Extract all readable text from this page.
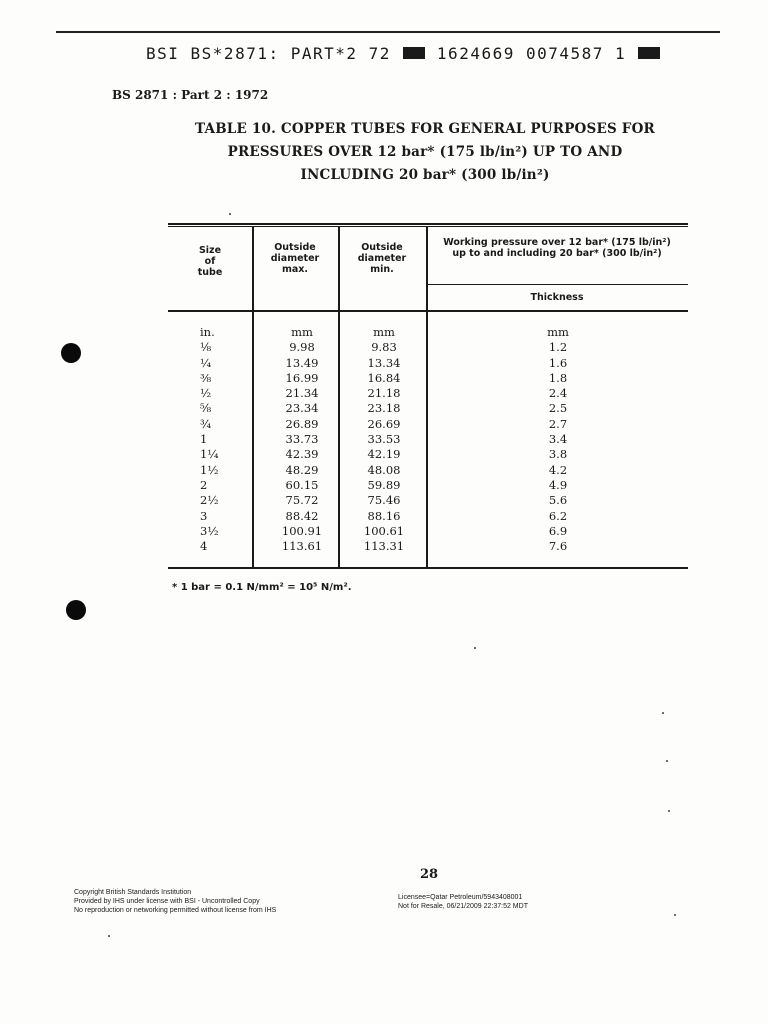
BSI BS*2871: PART*2 72	1624669 0074587 1
BS 2871 : Part 2 : 1972
TABLE 10. COPPER TUBES FOR GENERAL PURPOSES FOR
PRESSURES OVER 12 bar* (175 lb/in²) UP TO AND
INCLUDING 20 bar* (300 lb/in²)
Size
of
tube
Outside
diameter
max.
Outside
diameter
min.
Working pressure over 12 bar* (175 lb/in²)
up to and including 20 bar* (300 lb/in²)
Thickness
in.
⅛
¼
⅜
½
⅝
¾
1
1¼
1½
2
2½
3
3½
4
mm
9.98
13.49
16.99
21.34
23.34
26.89
33.73
42.39
48.29
60.15
75.72
88.42
100.91
113.61
mm
9.83
13.34
16.84
21.18
23.18
26.69
33.53
42.19
48.08
59.89
75.46
88.16
100.61
113.31
mm
1.2
1.6
1.8
2.4
2.5
2.7
3.4
3.8
4.2
4.9
5.6
6.2
6.9
7.6
* 1 bar = 0.1 N/mm² = 10⁵ N/m².
28
Copyright British Standards Institution
Provided by IHS under license with BSI - Uncontrolled Copy
No reproduction or networking permitted without license from IHS
Licensee=Qatar Petroleum/5943408001
Not for Resale, 06/21/2009 22:37:52 MDT
